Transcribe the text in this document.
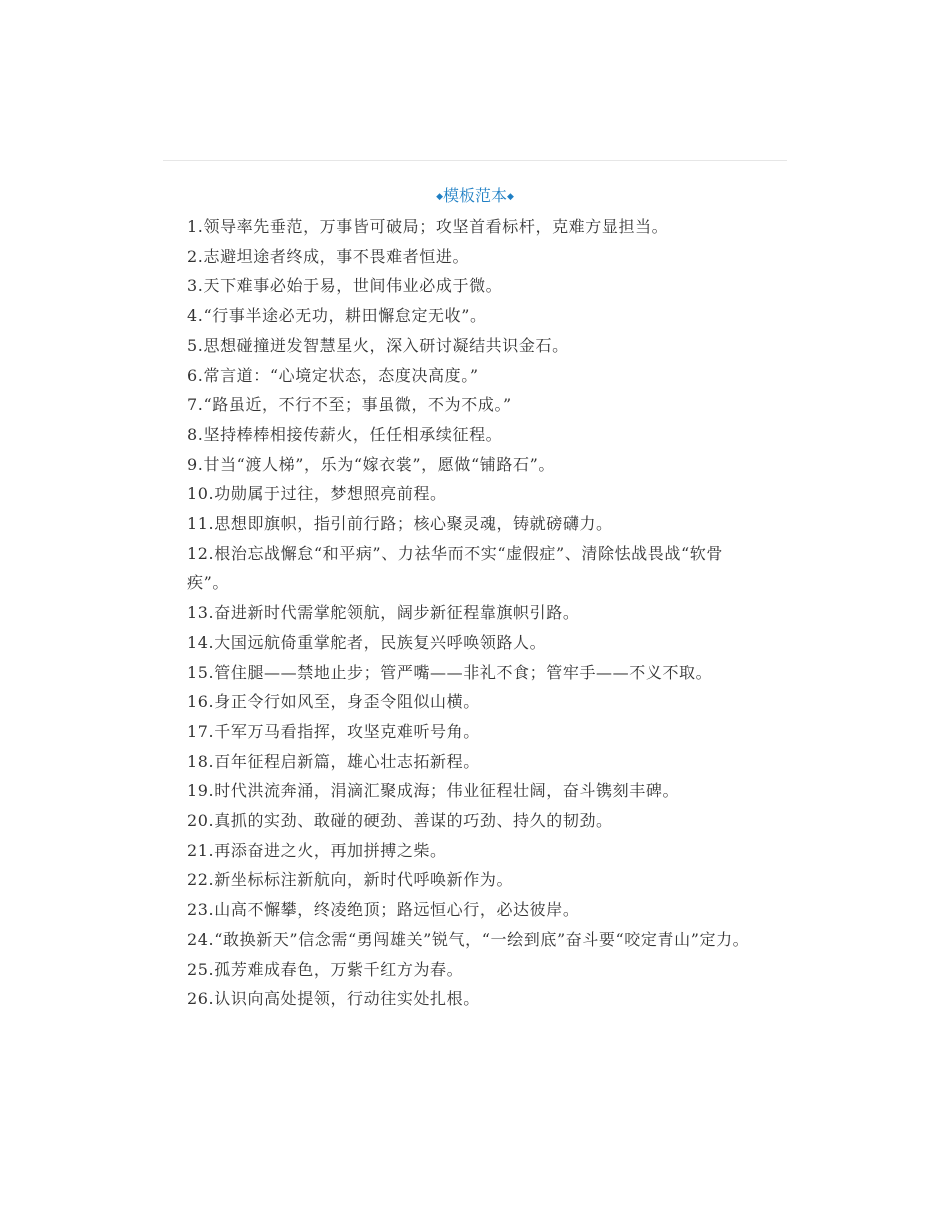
◆模板范本◆

1.领导率先垂范，万事皆可破局；攻坚首看标杆，克难方显担当。

2.志避坦途者终成，事不畏难者恒进。

3.天下难事必始于易，世间伟业必成于微。

4.“行事半途必无功，耕田懈怠定无收”。

5.思想碰撞迸发智慧星火，深入研讨凝结共识金石。

6.常言道：“心境定状态，态度决高度。”

7.“路虽近，不行不至；事虽微，不为不成。”

8.坚持棒棒相接传薪火，任任相承续征程。

9.甘当“渡人梯”，乐为“嫁衣裳”，愿做“铺路石”。

10.功勋属于过往，梦想照亮前程。

11.思想即旗帜，指引前行路；核心聚灵魂，铸就磅礴力。

12.根治忘战懈怠“和平病”、力祛华而不实“虚假症”、清除怯战畏战“软骨疾”。

13.奋进新时代需掌舵领航，阔步新征程靠旗帜引路。

14.大国远航倚重掌舵者，民族复兴呼唤领路人。

15.管住腿——禁地止步；管严嘴——非礼不食；管牢手——不义不取。

16.身正令行如风至，身歪令阻似山横。

17.千军万马看指挥，攻坚克难听号角。

18.百年征程启新篇，雄心壮志拓新程。

19.时代洪流奔涌，涓滴汇聚成海；伟业征程壮阔，奋斗镌刻丰碑。

20.真抓的实劲、敢碰的硬劲、善谋的巧劲、持久的韧劲。

21.再添奋进之火，再加拼搏之柴。

22.新坐标标注新航向，新时代呼唤新作为。

23.山高不懈攀，终凌绝顶；路远恒心行，必达彼岸。

24.“敢换新天”信念需“勇闯雄关”锐气，“一绘到底”奋斗要“咬定青山”定力。

25.孤芳难成春色，万紫千红方为春。

26.认识向高处提领，行动往实处扎根。
